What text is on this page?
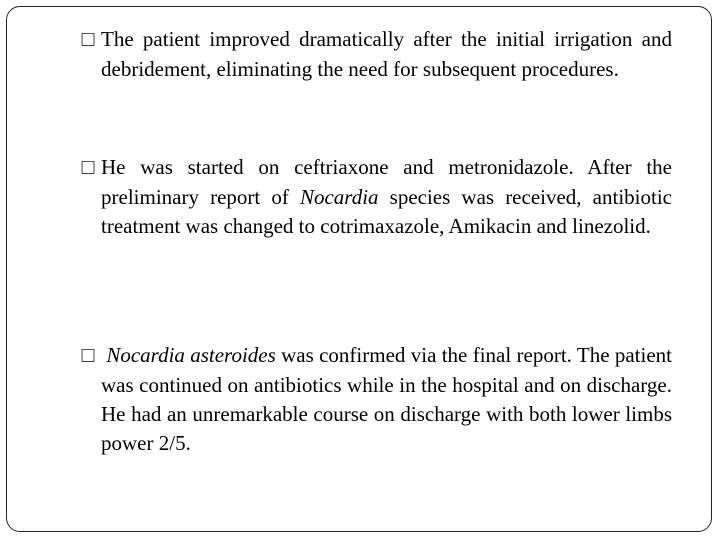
☐ The patient improved dramatically after the initial irrigation and debridement, eliminating the need for subsequent procedures.

☐ He was started on ceftriaxone and metronidazole. After the preliminary report of Nocardia species was received, antibiotic treatment was changed to cotrimaxazole, Amikacin and linezolid.

☐ Nocardia asteroides was confirmed via the final report. The patient was continued on antibiotics while in the hospital and on discharge. He had an unremarkable course on discharge with both lower limbs power 2/5.
